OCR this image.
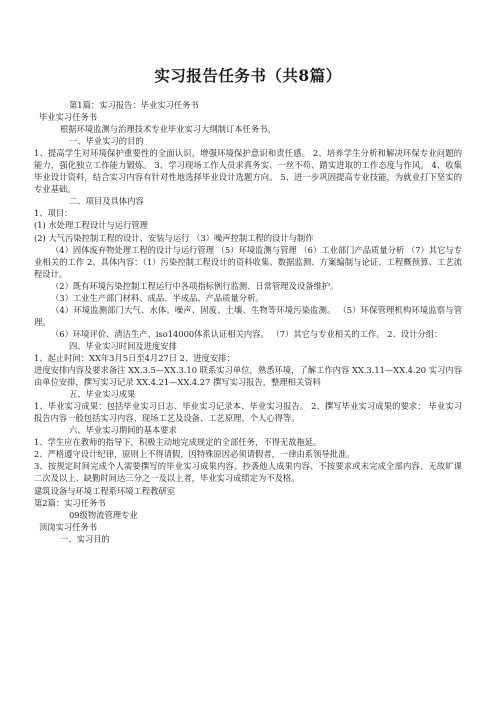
实习报告任务书（共8篇）

第1篇：实习报告：毕业实习任务书

毕业实习任务书

根据环境监测与治理技术专业毕业实习大纲制订本任务书。

一、毕业实习的目的

1、提高学生对环境保护重要性的全面认识，增强环境保护意识和责任感。 2、培养学生分析和解决环保专业问题的能力，强化独立工作能力锻炼。 3、学习现场工作人员求真务实、一丝不苟、踏实进取的工作态度与作风。 4、收集毕业设计资料，结合实习内容有针对性地选择毕业设计选题方向。 5、进一步巩固提高专业技能，为就业打下坚实的专业基础。

二、项目及具体内容

1、项目：

(1) 水处理工程设计与运行管理

(2) 大气污染控制工程的设计、安装与运行 （3）噪声控制工程的设计与制作

（4）固体废弃物处理工程的设计与运行管理 （5）环境监测与管理 （6）工业部门产品质量分析 （7）其它与专业相关的工作 2、具体内容：（1）污染控制工程设计的资料收集、数据监测、方案编制与论证、工程概预算、工艺流程设计。

（2）既有环境污染控制工程运行中各项指标例行监测、日常管理及设备维护。

（3）工业生产部门材料、成品、半成品、产品质量分析。

（4）环境监测部门大气、水体、噪声、固废、土壤、生物等环境污染监测。 （5）环保管理机构环境监察与管理。

（6）环境评价、清洁生产、iso14000体系认证相关内容。 （7）其它与专业相关的工作。 2、设计分组：

四、毕业实习时间及进度安排

1、起止时间：XX年3月5日至4月27日 2、进度安排：

进度安排内容及要求备注 XX.3.5—XX.3.10 联系实习单位，熟悉环境，了解工作内容 XX.3.11—XX.4.20 实习内容由单位安排，撰写实习记录 XX.4.21—XX.4.27 撰写实习报告，整理相关资料

五、毕业实习成果

1、毕业实习成果：包括毕业实习日志、毕业实习记录本、毕业实习报告。 2、撰写毕业实习成果的要求： 毕业实习报告内容一般包括实习内容、现场工艺及设备、工艺原理、个人心得等。

六、毕业实习期间的基本要求

1、学生应在教师的指导下，积极主动地完成规定的全部任务，不得无故拖延。

2、严格遵守设计纪律，原则上不得请假，因特殊原因必须请假者，一律由系领导批准。

3、按规定时间完成个人需要撰写的毕业实习成果内容。抄袭他人成果内容、不按要求或未完成全部内容、无故旷课二次及以上、缺勤时间达三分之一及以上者，毕业实习成绩定为不及格。

建筑设备与环境工程系环境工程教研室

第2篇：实习任务书

09级物流管理专业

顶岗实习任务书

一、实习目的
